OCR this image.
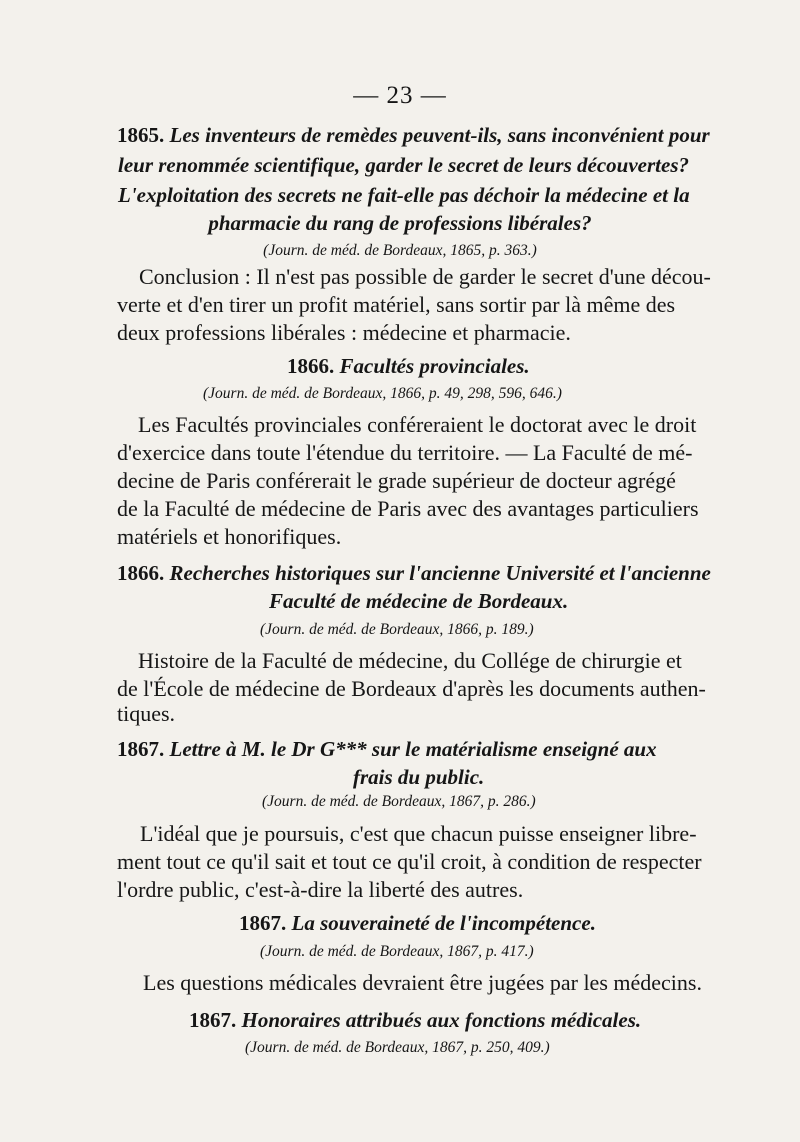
— 23 —
1865. Les inventeurs de remèdes peuvent-ils, sans inconvénient pour
leur renommée scientifique, garder le secret de leurs découvertes?
L'exploitation des secrets ne fait-elle pas déchoir la médecine et la
pharmacie du rang de professions libérales?
(Journ. de méd. de Bordeaux, 1865, p. 363.)
Conclusion : Il n'est pas possible de garder le secret d'une décou-
verte et d'en tirer un profit matériel, sans sortir par là même des
deux professions libérales : médecine et pharmacie.
1866. Facultés provinciales.
(Journ. de méd. de Bordeaux, 1866, p. 49, 298, 596, 646.)
Les Facultés provinciales conféreraient le doctorat avec le droit
d'exercice dans toute l'étendue du territoire. — La Faculté de mé-
decine de Paris conférerait le grade supérieur de docteur agrégé
de la Faculté de médecine de Paris avec des avantages particuliers
matériels et honorifiques.
1866. Recherches historiques sur l'ancienne Université et l'ancienne
Faculté de médecine de Bordeaux.
(Journ. de méd. de Bordeaux, 1866, p. 189.)
Histoire de la Faculté de médecine, du Collége de chirurgie et
de l'École de médecine de Bordeaux d'après les documents authen-
tiques.
1867. Lettre à M. le Dr G*** sur le matérialisme enseigné aux
frais du public.
(Journ. de méd. de Bordeaux, 1867, p. 286.)
L'idéal que je poursuis, c'est que chacun puisse enseigner libre-
ment tout ce qu'il sait et tout ce qu'il croit, à condition de respecter
l'ordre public, c'est-à-dire la liberté des autres.
1867. La souveraineté de l'incompétence.
(Journ. de méd. de Bordeaux, 1867, p. 417.)
Les questions médicales devraient être jugées par les médecins.
1867. Honoraires attribués aux fonctions médicales.
(Journ. de méd. de Bordeaux, 1867, p. 250, 409.)
